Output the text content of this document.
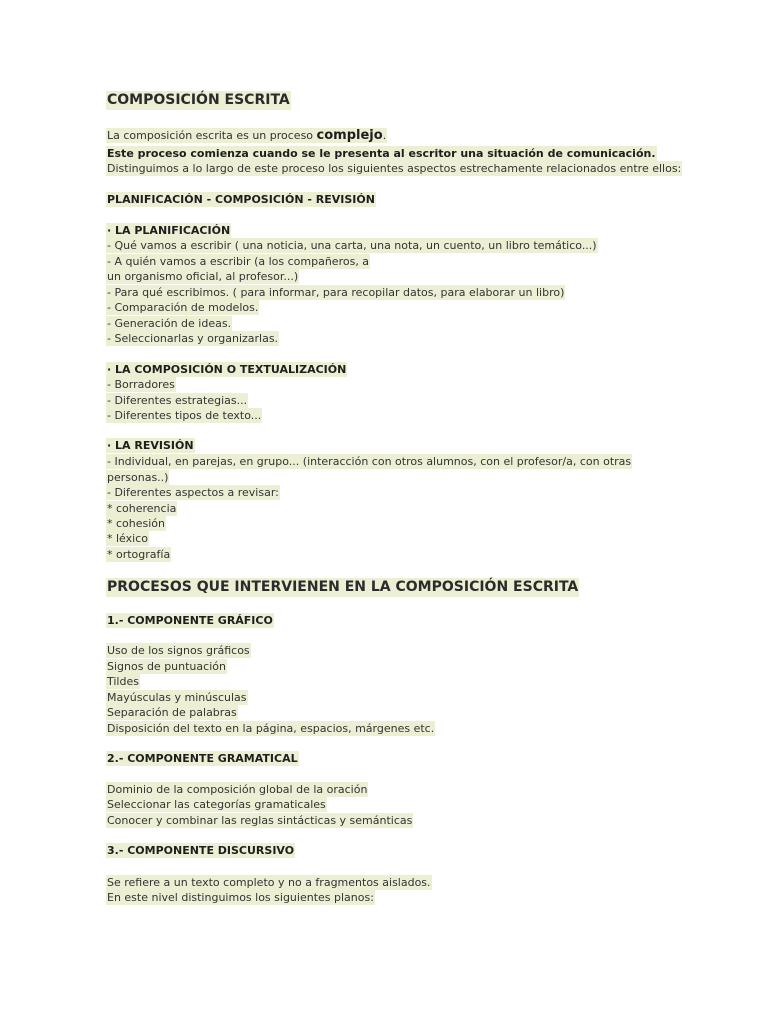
COMPOSICIÓN ESCRITA
La composición escrita es un proceso complejo.
Este proceso comienza cuando se le presenta al escritor una situación de comunicación.
Distinguimos a lo largo de este proceso los siguientes aspectos estrechamente relacionados entre ellos:
PLANIFICACIÓN - COMPOSICIÓN - REVISIÓN
· LA PLANIFICACIÓN
- Qué vamos a escribir ( una noticia, una carta, una nota, un cuento, un libro temático...)
- A quién vamos a escribir (a los compañeros, a
un organismo oficial, al profesor...)
- Para qué escribimos. ( para informar, para recopilar datos, para elaborar un libro)
- Comparación de modelos.
- Generación de ideas.
- Seleccionarlas y organizarlas.
· LA COMPOSICIÓN O TEXTUALIZACIÓN
- Borradores
- Diferentes estrategias...
- Diferentes tipos de texto...
· LA REVISIÓN
- Individual, en parejas, en grupo... (interacción con otros alumnos, con el profesor/a, con otras
personas..)
- Diferentes aspectos a revisar:
* coherencia
* cohesión
* léxico
* ortografía
PROCESOS QUE INTERVIENEN EN LA COMPOSICIÓN ESCRITA
1.- COMPONENTE GRÁFICO
Uso de los signos gráficos
Signos de puntuación
Tildes
Mayúsculas y minúsculas
Separación de palabras
Disposición del texto en la página, espacios, márgenes etc.
2.- COMPONENTE GRAMATICAL
Dominio de la composición global de la oración
Seleccionar las categorías gramaticales
Conocer y combinar las reglas sintácticas y semánticas
3.- COMPONENTE DISCURSIVO
Se refiere a un texto completo y no a fragmentos aislados.
En este nivel distinguimos los siguientes planos:
